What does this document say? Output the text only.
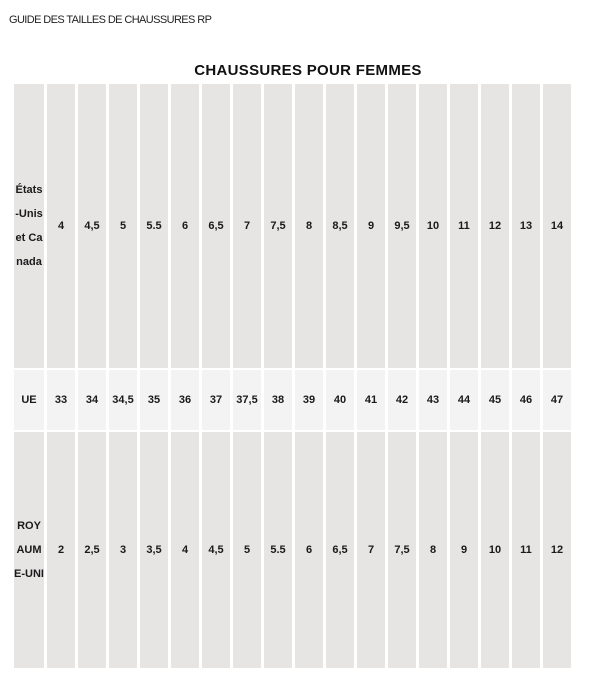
GUIDE DES TAILLES DE CHAUSSURES RP
CHAUSSURES POUR FEMMES
États-Unis et Canada	4	4,5	5	5.5	6	6,5	7	7,5	8	8,5	9	9,5	10	11	12	13	14
UE	33	34	34,5	35	36	37	37,5	38	39	40	41	42	43	44	45	46	47
ROYAUME-UNI	2	2,5	3	3,5	4	4,5	5	5.5	6	6,5	7	7,5	8	9	10	11	12
